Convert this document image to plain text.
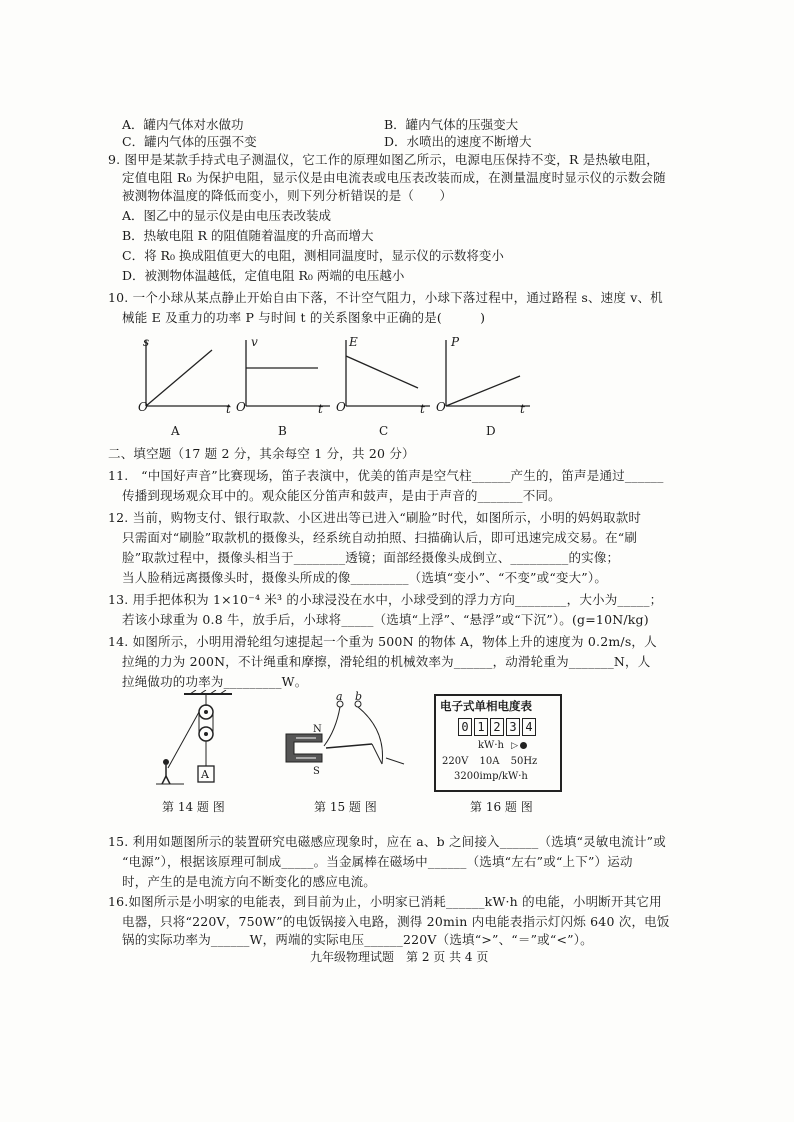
A．罐内气体对水做功	B．罐内气体的压强变大
C．罐内气体的压强不变	D．水喷出的速度不断增大
9. 图甲是某款手持式电子测温仪，它工作的原理如图乙所示，电源电压保持不变，R 是热敏电阻，
定值电阻 R₀ 为保护电阻，显示仪是由电流表或电压表改装而成，在测量温度时显示仪的示数会随
被测物体温度的降低而变小，则下列分析错误的是（　　）
A．图乙中的显示仪是由电压表改装成
B．热敏电阻 R 的阻值随着温度的升高而增大
C．将 R₀ 换成阻值更大的电阻，测相同温度时，显示仪的示数将变小
D．被测物体温越低，定值电阻 R₀ 两端的电压越小
10. 一个小球从某点静止开始自由下落，不计空气阻力，小球下落过程中，通过路程 s、速度 v、机
械能 E 及重力的功率 P 与时间 t 的关系图象中正确的是(　　　)
s
t
O
A
v
t
O
B
E
t
O
C
P
t
O
D
二、填空题（17 题 2 分，其余每空 1 分，共 20 分）
11.　“中国好声音”比赛现场，笛子表演中，优美的笛声是空气柱______产生的，笛声是通过______
传播到现场观众耳中的。观众能区分笛声和鼓声，是由于声音的_______不同。
12. 当前，购物支付、银行取款、小区进出等已进入“刷脸”时代，如图所示，小明的妈妈取款时
只需面对“刷脸”取款机的摄像头，经系统自动拍照、扫描确认后，即可迅速完成交易。在“刷
脸”取款过程中，摄像头相当于________透镜；面部经摄像头成倒立、_________的实像；
当人脸稍远离摄像头时，摄像头所成的像_________（选填“变小”、“不变”或“变大”）。
13. 用手把体积为 1×10⁻⁴ 米³ 的小球浸没在水中，小球受到的浮力方向________，大小为_____；
若该小球重为 0.8 牛，放手后，小球将_____（选填“上浮”、“悬浮”或“下沉”）。(g=10N/kg)
14. 如图所示，小明用滑轮组匀速提起一个重为 500N 的物体 A，物体上升的速度为 0.2m/s，人
拉绳的力为 200N，不计绳重和摩擦，滑轮组的机械效率为______，动滑轮重为_______N，人
拉绳做功的功率为_________W。
A
第 14 题 图
a b
N
S
第 15 题 图
电子式单相电度表
0 1 2 3 4
kW·h ▷
220V 10A 50Hz
3200imp/kW·h
第 16 题 图
15. 利用如题图所示的装置研究电磁感应现象时，应在 a、b 之间接入______（选填“灵敏电流计”或
“电源”），根据该原理可制成_____。当金属棒在磁场中______（选填“左右”或“上下”）运动
时，产生的是电流方向不断变化的感应电流。
16.如图所示是小明家的电能表，到目前为止，小明家已消耗______kW·h 的电能，小明断开其它用
电器，只将“220V，750W”的电饭锅接入电路，测得 20min 内电能表指示灯闪烁 640 次，电饭
锅的实际功率为______W，两端的实际电压______220V（选填“>”、“＝”或“<”）。
九年级物理试题　第 2 页 共 4 页
